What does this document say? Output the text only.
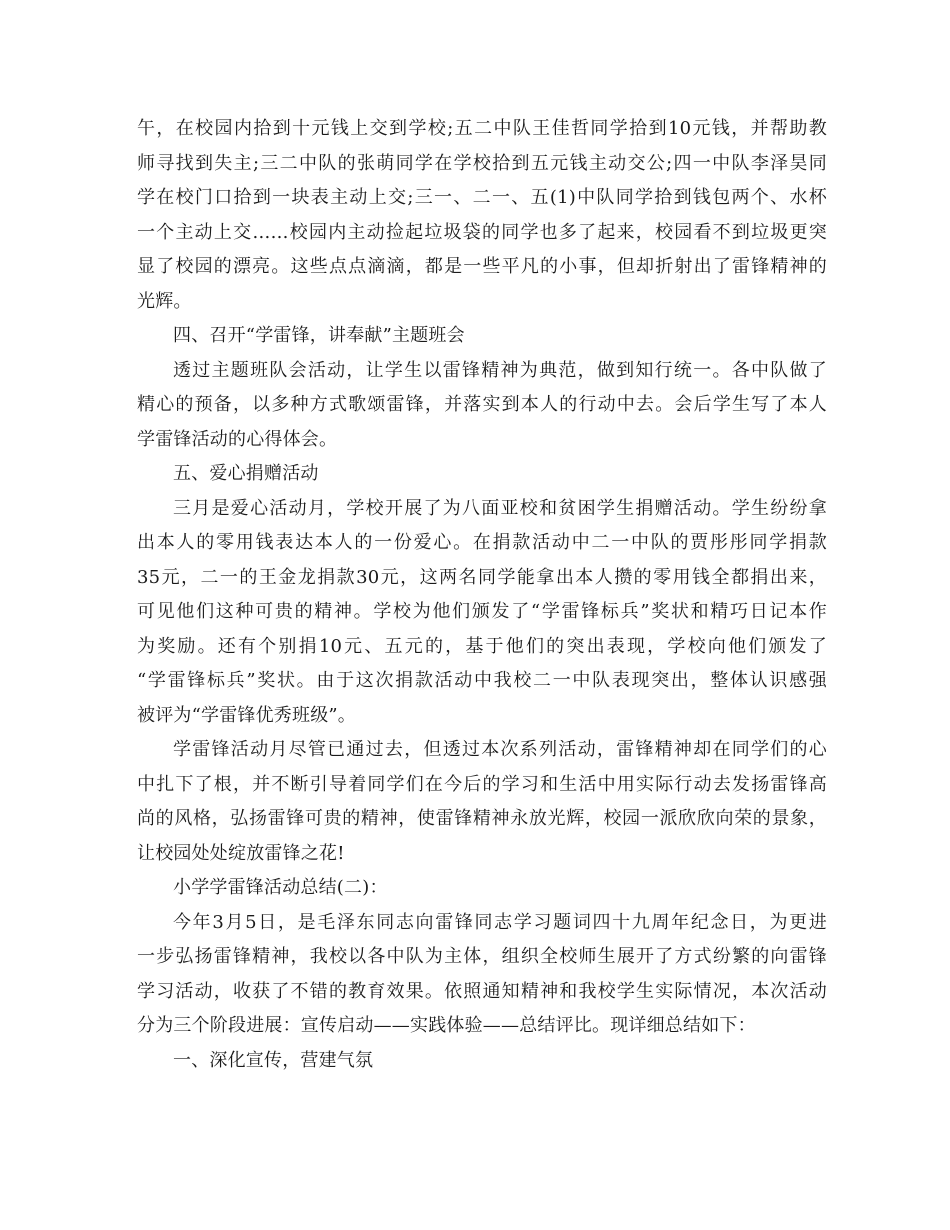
午，在校园内拾到十元钱上交到学校;五二中队王佳哲同学拾到10元钱，并帮助教
师寻找到失主;三二中队的张萌同学在学校拾到五元钱主动交公;四一中队李泽昊同
学在校门口拾到一块表主动上交;三一、二一、五(1)中队同学拾到钱包两个、水杯
一个主动上交……校园内主动捡起垃圾袋的同学也多了起来，校园看不到垃圾更突
显了校园的漂亮。这些点点滴滴，都是一些平凡的小事，但却折射出了雷锋精神的
光辉。
四、召开“学雷锋，讲奉献”主题班会
透过主题班队会活动，让学生以雷锋精神为典范，做到知行统一。各中队做了
精心的预备，以多种方式歌颂雷锋，并落实到本人的行动中去。会后学生写了本人
学雷锋活动的心得体会。
五、爱心捐赠活动
三月是爱心活动月，学校开展了为八面亚校和贫困学生捐赠活动。学生纷纷拿
出本人的零用钱表达本人的一份爱心。在捐款活动中二一中队的贾彤彤同学捐款
35元，二一的王金龙捐款30元，这两名同学能拿出本人攒的零用钱全都捐出来，
可见他们这种可贵的精神。学校为他们颁发了“学雷锋标兵”奖状和精巧日记本作
为奖励。还有个别捐10元、五元的，基于他们的突出表现，学校向他们颁发了
“学雷锋标兵”奖状。由于这次捐款活动中我校二一中队表现突出，整体认识感强
被评为“学雷锋优秀班级”。
学雷锋活动月尽管已通过去，但透过本次系列活动，雷锋精神却在同学们的心
中扎下了根，并不断引导着同学们在今后的学习和生活中用实际行动去发扬雷锋高
尚的风格，弘扬雷锋可贵的精神，使雷锋精神永放光辉，校园一派欣欣向荣的景象，
让校园处处绽放雷锋之花!
小学学雷锋活动总结(二)：
今年3月5日，是毛泽东同志向雷锋同志学习题词四十九周年纪念日，为更进
一步弘扬雷锋精神，我校以各中队为主体，组织全校师生展开了方式纷繁的向雷锋
学习活动，收获了不错的教育效果。依照通知精神和我校学生实际情况，本次活动
分为三个阶段进展：宣传启动——实践体验——总结评比。现详细总结如下：
一、深化宣传，营建气氛
